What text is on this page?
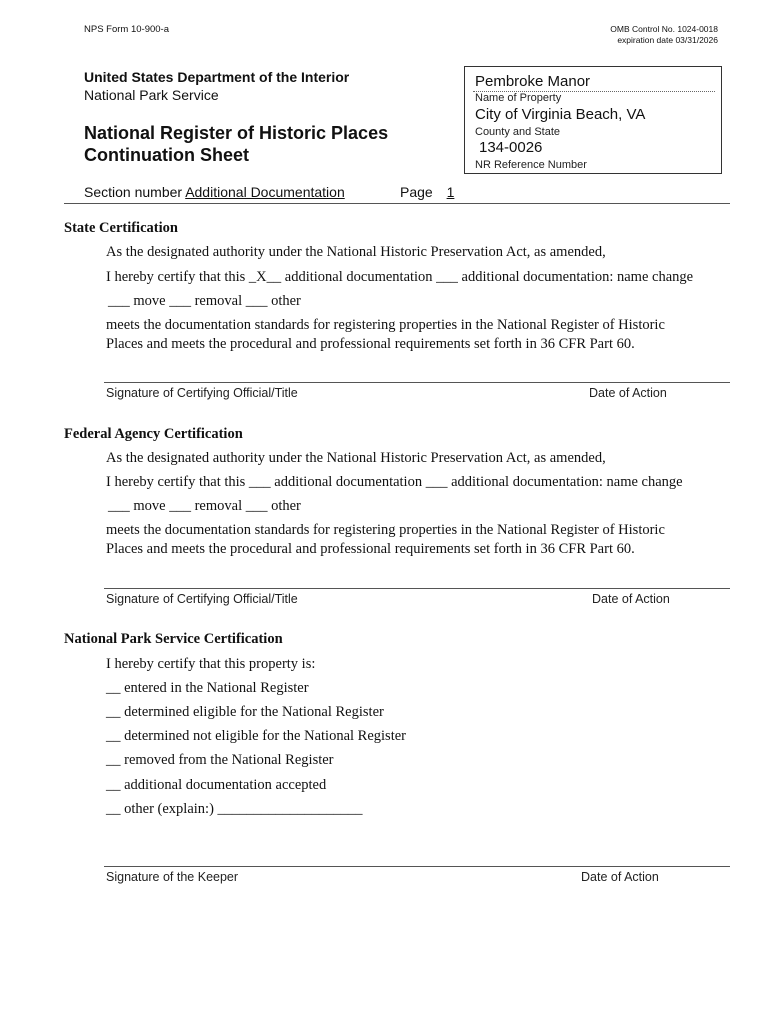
NPS Form 10-900-a	OMB Control No. 1024-0018
expiration date 03/31/2026
United States Department of the Interior
National Park Service
National Register of Historic Places
Continuation Sheet
Pembroke Manor
Name of Property
City of Virginia Beach, VA
County and State
134-0026
NR Reference Number
Section number Additional Documentation	Page 1
State Certification
As the designated authority under the National Historic Preservation Act, as amended,
I hereby certify that this _X__ additional documentation ___ additional documentation: name change
___ move ___ removal ___ other
meets the documentation standards for registering properties in the National Register of Historic
Places and meets the procedural and professional requirements set forth in 36 CFR Part 60.
Signature of Certifying Official/Title	Date of Action
Federal Agency Certification
As the designated authority under the National Historic Preservation Act, as amended,
I hereby certify that this ___ additional documentation ___ additional documentation: name change
___ move ___ removal ___ other
meets the documentation standards for registering properties in the National Register of Historic
Places and meets the procedural and professional requirements set forth in 36 CFR Part 60.
Signature of Certifying Official/Title	Date of Action
National Park Service Certification
I hereby certify that this property is:
__ entered in the National Register
__ determined eligible for the National Register
__ determined not eligible for the National Register
__ removed from the National Register
__ additional documentation accepted
__ other (explain:) ____________________
Signature of the Keeper	Date of Action
